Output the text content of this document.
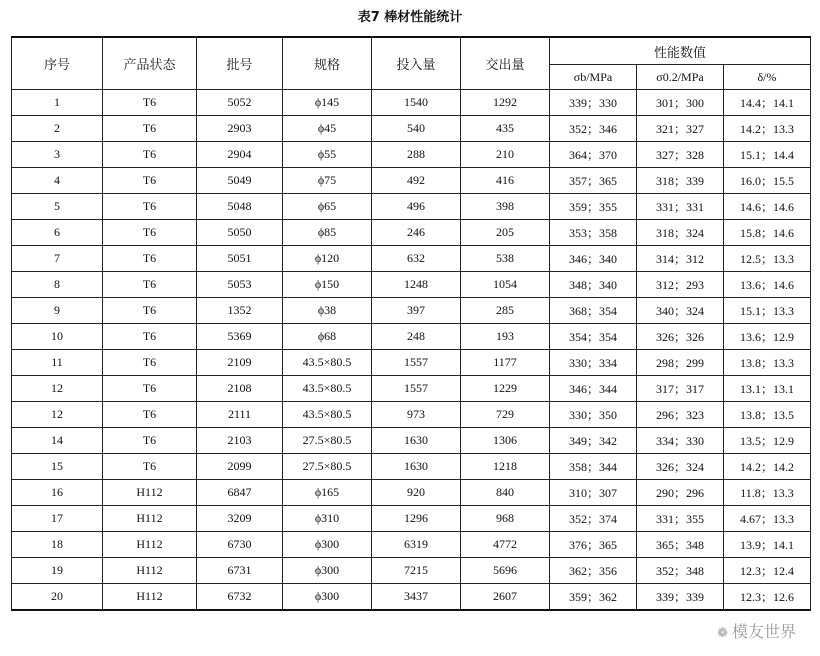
表7 棒材性能统计
序号	产品状态	批号	规格	投入量	交出量	性能数值		
						σb/MPa	σ0.2/MPa	δ/%
1	T6	5052	ϕ145	1540	1292	339；330	301；300	14.4；14.1
2	T6	2903	ϕ45	540	435	352；346	321；327	14.2；13.3
3	T6	2904	ϕ55	288	210	364；370	327；328	15.1；14.4
4	T6	5049	ϕ75	492	416	357；365	318；339	16.0；15.5
5	T6	5048	ϕ65	496	398	359；355	331；331	14.6；14.6
6	T6	5050	ϕ85	246	205	353；358	318；324	15.8；14.6
7	T6	5051	ϕ120	632	538	346；340	314；312	12.5；13.3
8	T6	5053	ϕ150	1248	1054	348；340	312；293	13.6；14.6
9	T6	1352	ϕ38	397	285	368；354	340；324	15.1；13.3
10	T6	5369	ϕ68	248	193	354；354	326；326	13.6；12.9
11	T6	2109	43.5×80.5	1557	1177	330；334	298；299	13.8；13.3
12	T6	2108	43.5×80.5	1557	1229	346；344	317；317	13.1；13.1
12	T6	2111	43.5×80.5	973	729	330；350	296；323	13.8；13.5
14	T6	2103	27.5×80.5	1630	1306	349；342	334；330	13.5；12.9
15	T6	2099	27.5×80.5	1630	1218	358；344	326；324	14.2；14.2
16	H112	6847	ϕ165	920	840	310；307	290；296	11.8；13.3
17	H112	3209	ϕ310	1296	968	352；374	331；355	4.67；13.3
18	H112	6730	ϕ300	6319	4772	376；365	365；348	13.9；14.1
19	H112	6731	ϕ300	7215	5696	362；356	352；348	12.3；12.4
20	H112	6732	ϕ300	3437	2607	359；362	339；339	12.3；12.6
❁ 模友世界
